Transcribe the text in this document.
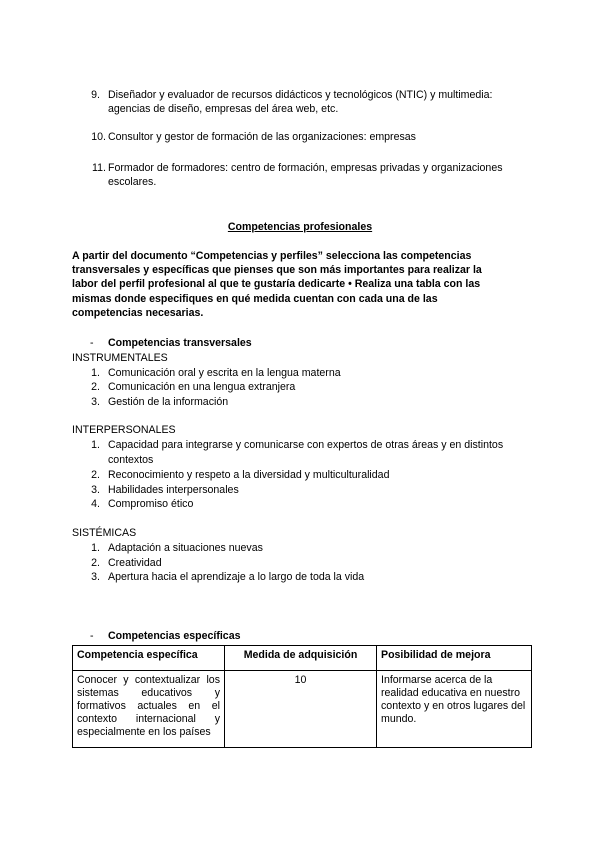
9. Diseñador y evaluador de recursos didácticos y tecnológicos (NTIC) y multimedia:
agencias de diseño, empresas del área web, etc.
10. Consultor y gestor de formación de las organizaciones: empresas
11. Formador de formadores: centro de formación, empresas privadas y organizaciones
escolares.
Competencias profesionales
A partir del documento “Competencias y perfiles” selecciona las competencias
transversales y específicas que pienses que son más importantes para realizar la
labor del perfil profesional al que te gustaría dedicarte • Realiza una tabla con las
mismas donde especifiques en qué medida cuentan con cada una de las
competencias necesarias.
- Competencias transversales
INSTRUMENTALES
1. Comunicación oral y escrita en la lengua materna
2. Comunicación en una lengua extranjera
3. Gestión de la información
INTERPERSONALES
1. Capacidad para integrarse y comunicarse con expertos de otras áreas y en distintos
contextos
2. Reconocimiento y respeto a la diversidad y multiculturalidad
3. Habilidades interpersonales
4. Compromiso ético
SISTÉMICAS
1. Adaptación a situaciones nuevas
2. Creatividad
3. Apertura hacia el aprendizaje a lo largo de toda la vida
- Competencias específicas
Competencia específica	Medida de adquisición	Posibilidad de mejora
Conocer y contextualizar los sistemas educativos y formativos actuales en el contexto internacional y especialmente en los países	10	Informarse acerca de la realidad educativa en nuestro contexto y en otros lugares del mundo.
